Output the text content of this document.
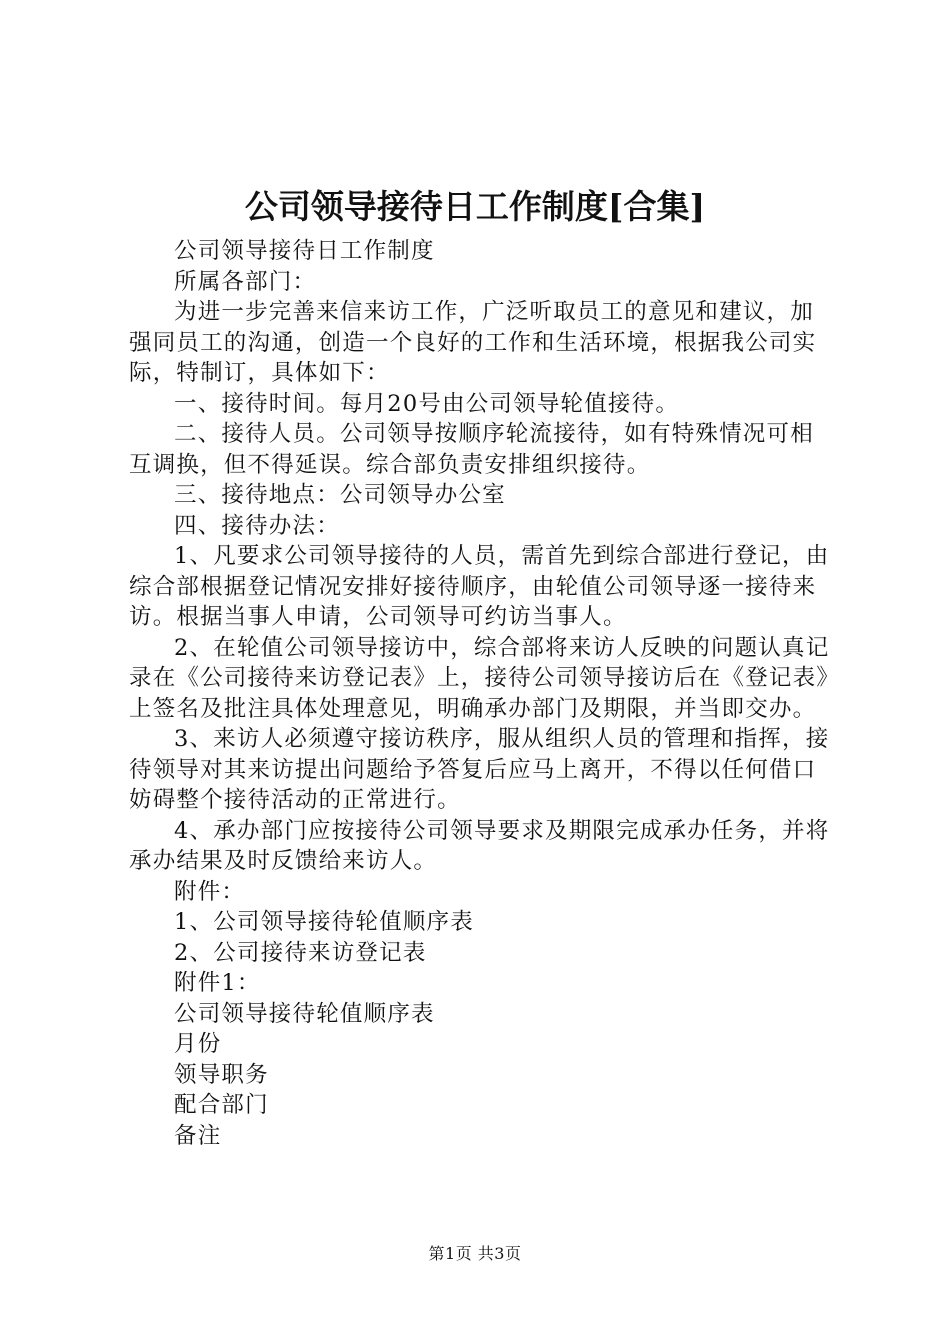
公司领导接待日工作制度[合集]

公司领导接待日工作制度

所属各部门：

为进一步完善来信来访工作，广泛听取员工的意见和建议，加强同员工的沟通，创造一个良好的工作和生活环境，根据我公司实际，特制订，具体如下：

一、接待时间。每月20号由公司领导轮值接待。

二、接待人员。公司领导按顺序轮流接待，如有特殊情况可相互调换，但不得延误。综合部负责安排组织接待。

三、接待地点：公司领导办公室

四、接待办法：

1、凡要求公司领导接待的人员，需首先到综合部进行登记，由综合部根据登记情况安排好接待顺序，由轮值公司领导逐一接待来访。根据当事人申请，公司领导可约访当事人。

2、在轮值公司领导接访中，综合部将来访人反映的问题认真记录在《公司接待来访登记表》上，接待公司领导接访后在《登记表》上签名及批注具体处理意见，明确承办部门及期限，并当即交办。

3、来访人必须遵守接访秩序，服从组织人员的管理和指挥，接待领导对其来访提出问题给予答复后应马上离开，不得以任何借口妨碍整个接待活动的正常进行。

4、承办部门应按接待公司领导要求及期限完成承办任务，并将承办结果及时反馈给来访人。

附件：

1、公司领导接待轮值顺序表

2、公司接待来访登记表

附件1：

公司领导接待轮值顺序表

月份

领导职务

配合部门

备注

第1页 共3页
